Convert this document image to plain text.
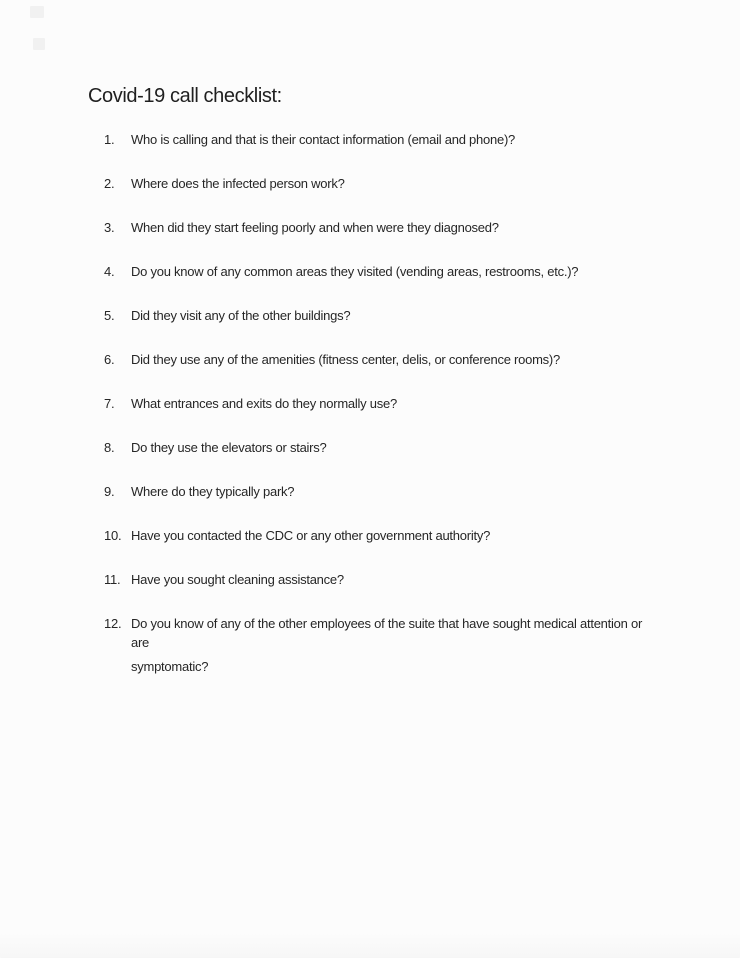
Covid-19 call checklist:
1.	Who is calling and that is their contact information (email and phone)?
2.	Where does the infected person work?
3.	When did they start feeling poorly and when were they diagnosed?
4.	Do you know of any common areas they visited (vending areas, restrooms, etc.)?
5.	Did they visit any of the other buildings?
6.	Did they use any of the amenities (fitness center, delis, or conference rooms)?
7.	What entrances and exits do they normally use?
8.	Do they use the elevators or stairs?
9.	Where do they typically park?
10. Have you contacted the CDC or any other government authority?
11. Have you sought cleaning assistance?
12. Do you know of any of the other employees of the suite that have sought medical attention or are
symptomatic?
